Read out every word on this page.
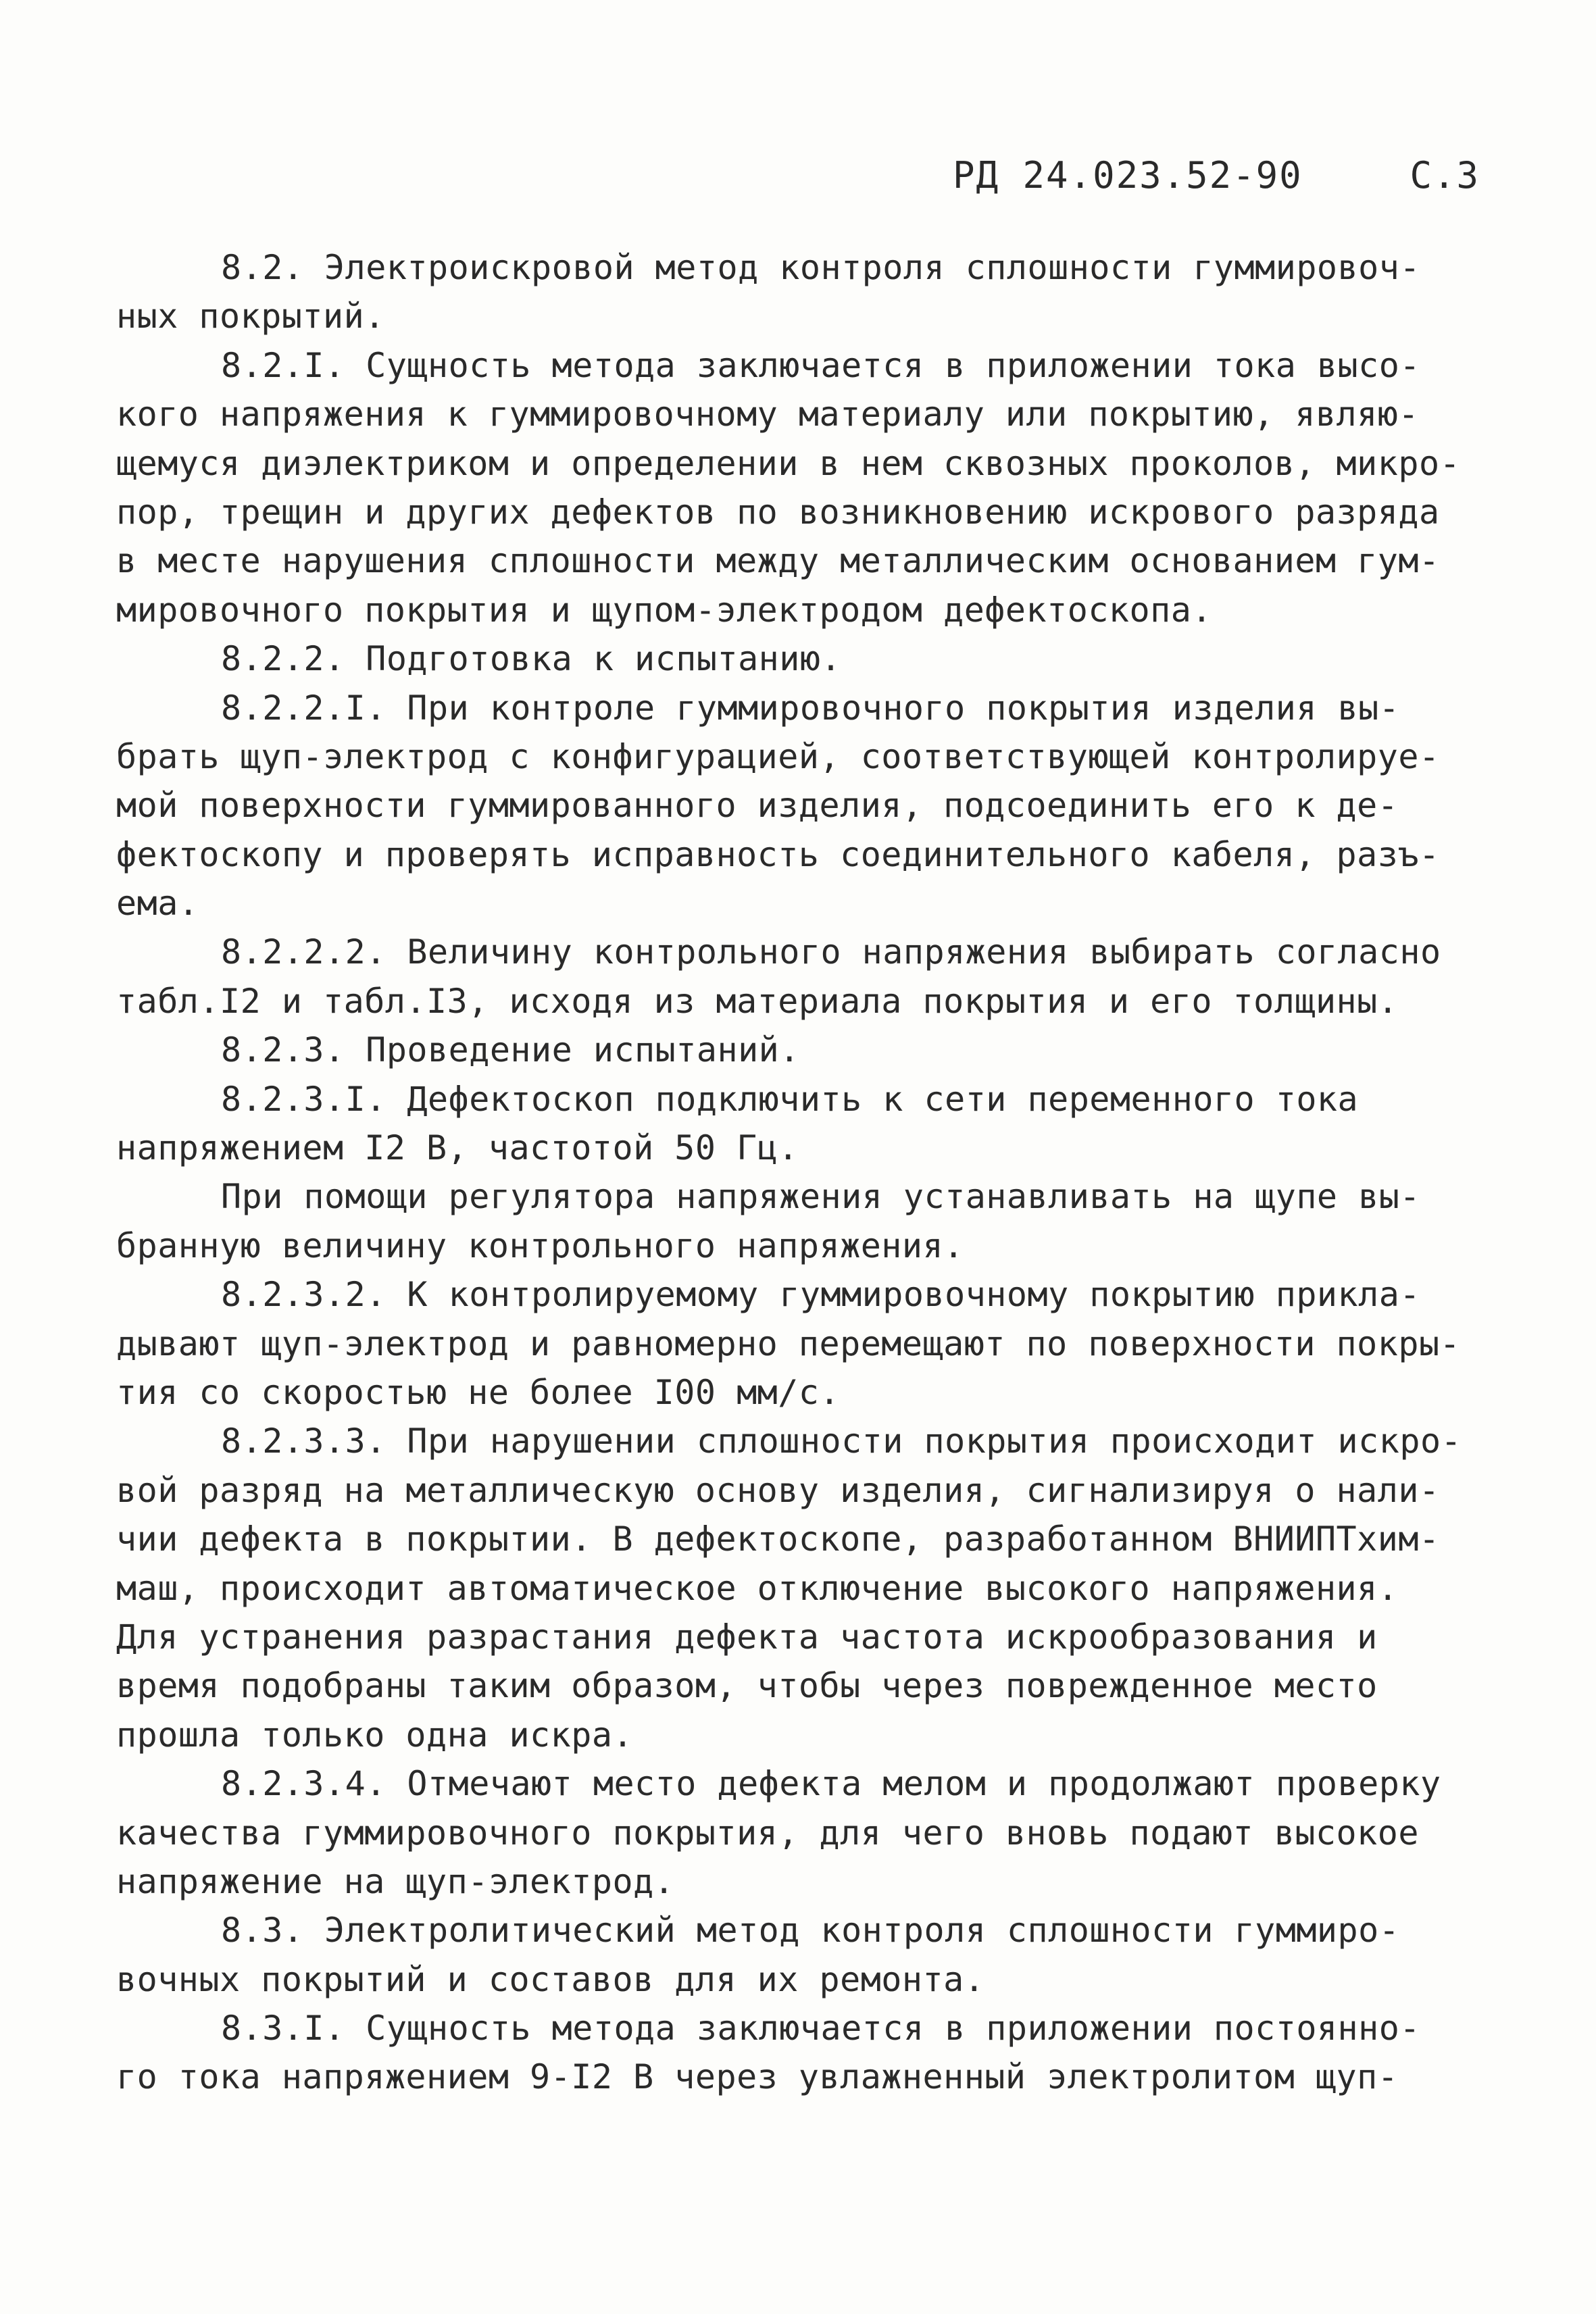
РД 24.023.52-90	С.3
8.2. Электроискровой метод контроля сплошности гуммировоч-
ных покрытий.
8.2.I. Сущность метода заключается в приложении тока высо-
кого напряжения к гуммировочному материалу или покрытию, являю-
щемуся диэлектриком и определении в нем сквозных проколов, микро-
пор, трещин и других дефектов по возникновению искрового разряда
в месте нарушения сплошности между металлическим основанием гум-
мировочного покрытия и щупом-электродом дефектоскопа.
8.2.2. Подготовка к испытанию.
8.2.2.I. При контроле гуммировочного покрытия изделия вы-
брать щуп-электрод с конфигурацией, соответствующей контролируе-
мой поверхности гуммированного изделия, подсоединить его к де-
фектоскопу и проверять исправность соединительного кабеля, разъ-
ема.
8.2.2.2. Величину контрольного напряжения выбирать согласно
табл.I2 и табл.I3, исходя из материала покрытия и его толщины.
8.2.3. Проведение испытаний.
8.2.3.I. Дефектоскоп подключить к сети переменного тока
напряжением I2 В, частотой 50 Гц.
При помощи регулятора напряжения устанавливать на щупе вы-
бранную величину контрольного напряжения.
8.2.3.2. К контролируемому гуммировочному покрытию прикла-
дывают щуп-электрод и равномерно перемещают по поверхности покры-
тия со скоростью не более I00 мм/с.
8.2.3.3. При нарушении сплошности покрытия происходит искро-
вой разряд на металлическую основу изделия, сигнализируя о нали-
чии дефекта в покрытии. В дефектоскопе, разработанном ВНИИПТхим-
маш, происходит автоматическое отключение высокого напряжения.
Для устранения разрастания дефекта частота искрообразования и
время подобраны таким образом, чтобы через поврежденное место
прошла только одна искра.
8.2.3.4. Отмечают место дефекта мелом и продолжают проверку
качества гуммировочного покрытия, для чего вновь подают высокое
напряжение на щуп-электрод.
8.3. Электролитический метод контроля сплошности гуммиро-
вочных покрытий и составов для их ремонта.
8.3.I. Сущность метода заключается в приложении постоянно-
го тока напряжением 9-I2 В через увлажненный электролитом щуп-
